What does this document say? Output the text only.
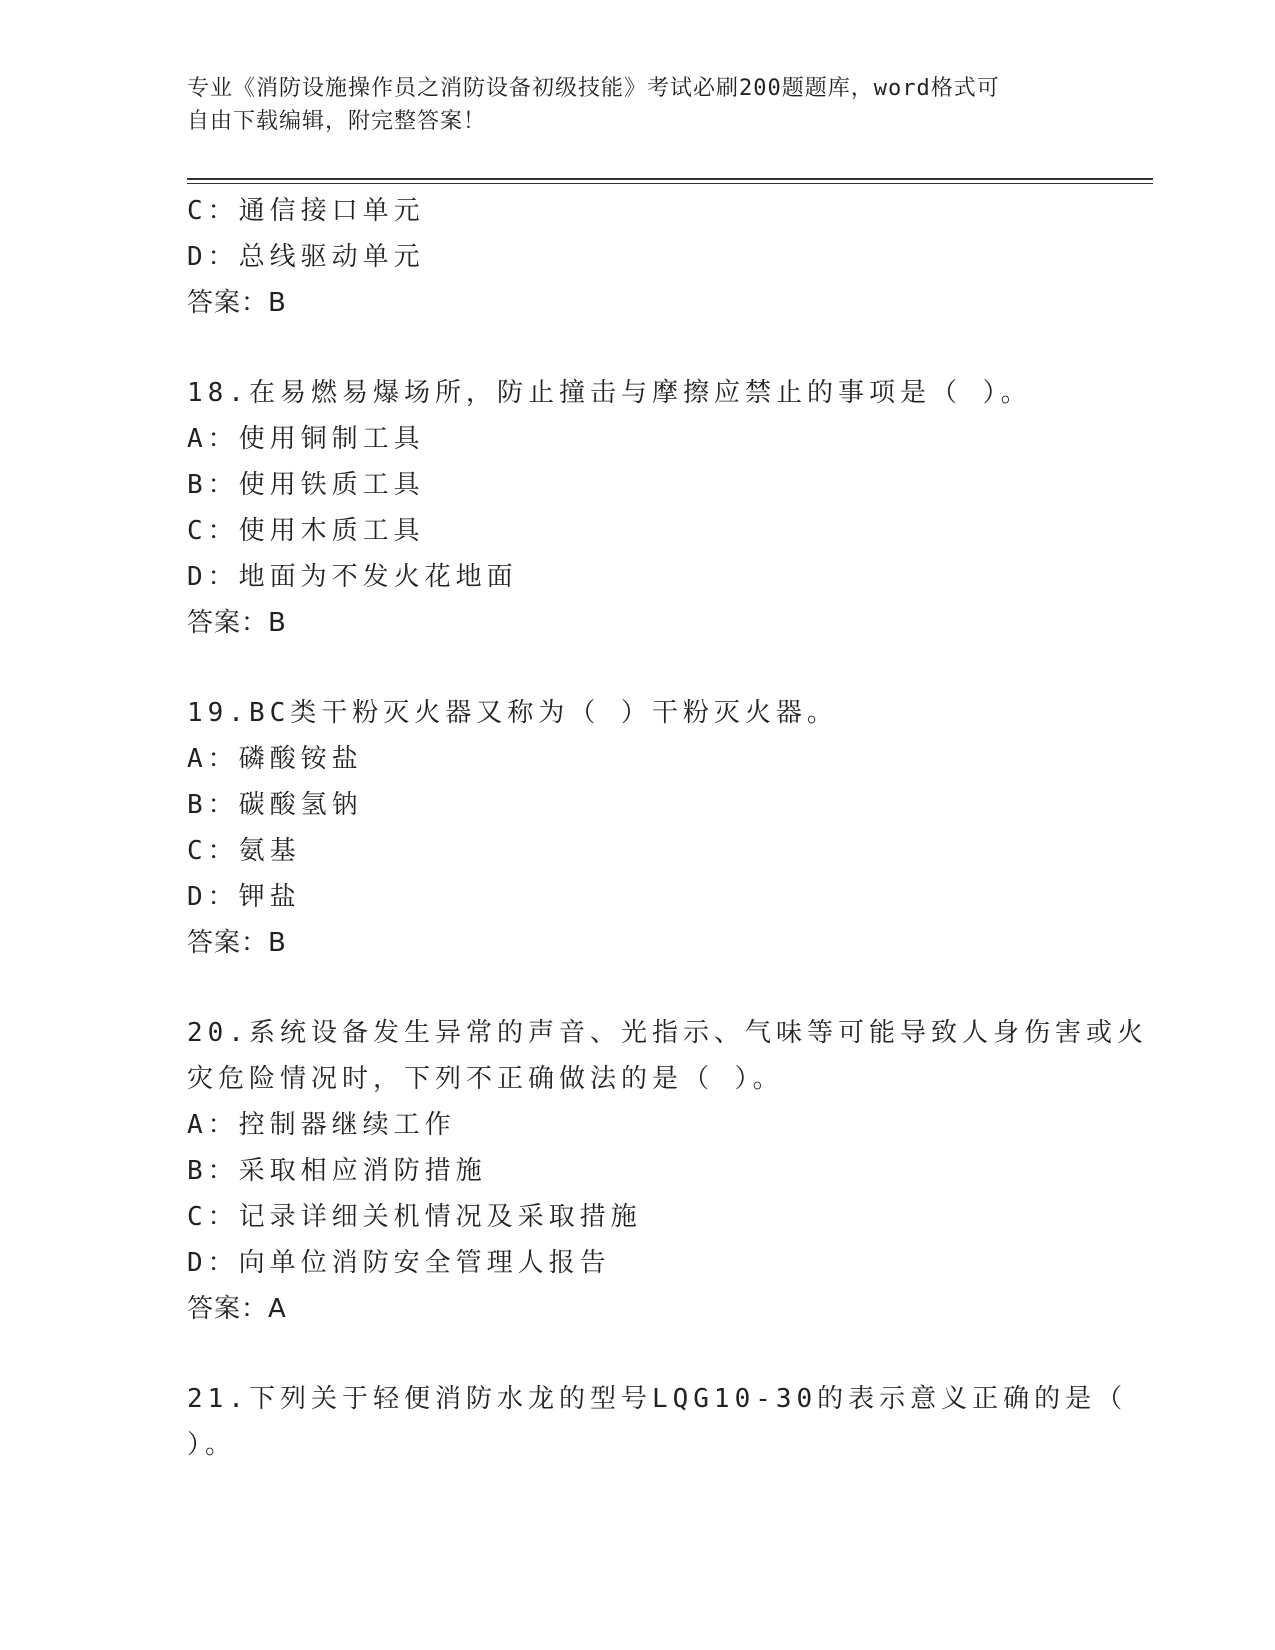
专业《消防设施操作员之消防设备初级技能》考试必刷200题题库，word格式可
自由下载编辑，附完整答案！
C：通信接口单元
D：总线驱动单元
答案：B
18.在易燃易爆场所，防止撞击与摩擦应禁止的事项是（ ）。
A：使用铜制工具
B：使用铁质工具
C：使用木质工具
D：地面为不发火花地面
答案：B
19.BC类干粉灭火器又称为（ ）干粉灭火器。
A：磷酸铵盐
B：碳酸氢钠
C：氨基
D：钾盐
答案：B
20.系统设备发生异常的声音、光指示、气味等可能导致人身伤害或火
灾危险情况时，下列不正确做法的是（ ）。
A：控制器继续工作
B：采取相应消防措施
C：记录详细关机情况及采取措施
D：向单位消防安全管理人报告
答案：A
21.下列关于轻便消防水龙的型号LQG10-30的表示意义正确的是（
）。
